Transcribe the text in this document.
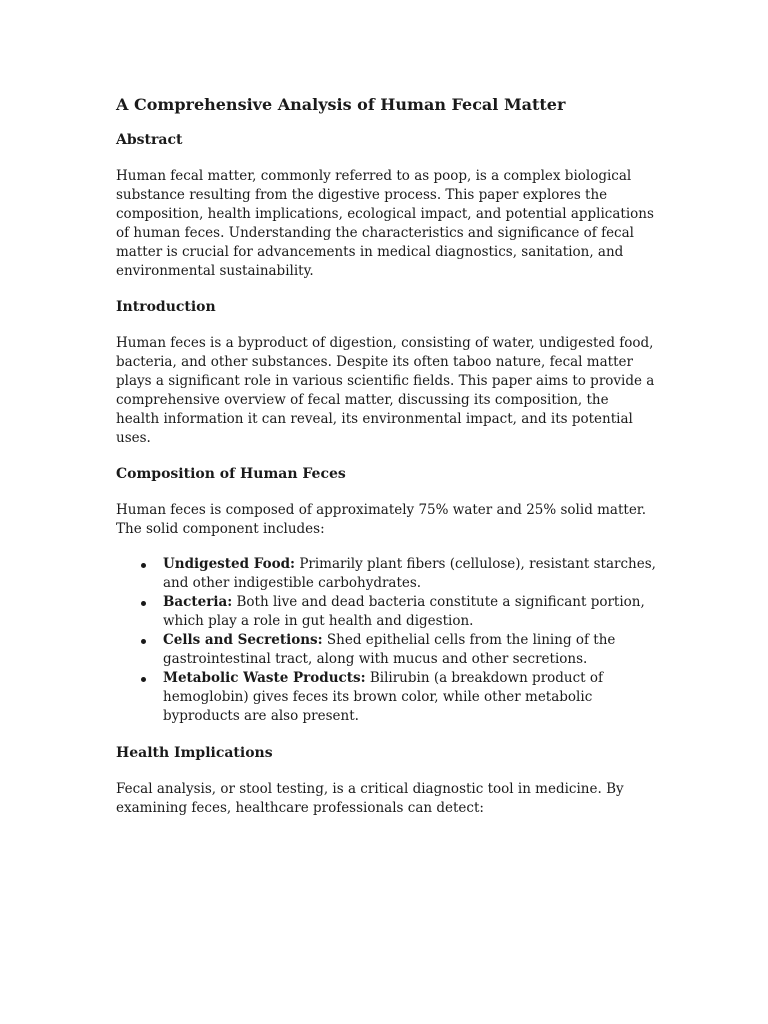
A Comprehensive Analysis of Human Fecal Matter
Abstract

Human fecal matter, commonly referred to as poop, is a complex biological substance resulting from the digestive process. This paper explores the composition, health implications, ecological impact, and potential applications of human feces. Understanding the characteristics and significance of fecal matter is crucial for advancements in medical diagnostics, sanitation, and environmental sustainability.

Introduction

Human feces is a byproduct of digestion, consisting of water, undigested food, bacteria, and other substances. Despite its often taboo nature, fecal matter plays a significant role in various scientific fields. This paper aims to provide a comprehensive overview of fecal matter, discussing its composition, the health information it can reveal, its environmental impact, and its potential uses.

Composition of Human Feces

Human feces is composed of approximately 75% water and 25% solid matter. The solid component includes:

Undigested Food: Primarily plant fibers (cellulose), resistant starches, and other indigestible carbohydrates.
Bacteria: Both live and dead bacteria constitute a significant portion, which play a role in gut health and digestion.
Cells and Secretions: Shed epithelial cells from the lining of the gastrointestinal tract, along with mucus and other secretions.
Metabolic Waste Products: Bilirubin (a breakdown product of hemoglobin) gives feces its brown color, while other metabolic byproducts are also present.
Health Implications

Fecal analysis, or stool testing, is a critical diagnostic tool in medicine. By examining feces, healthcare professionals can detect:
